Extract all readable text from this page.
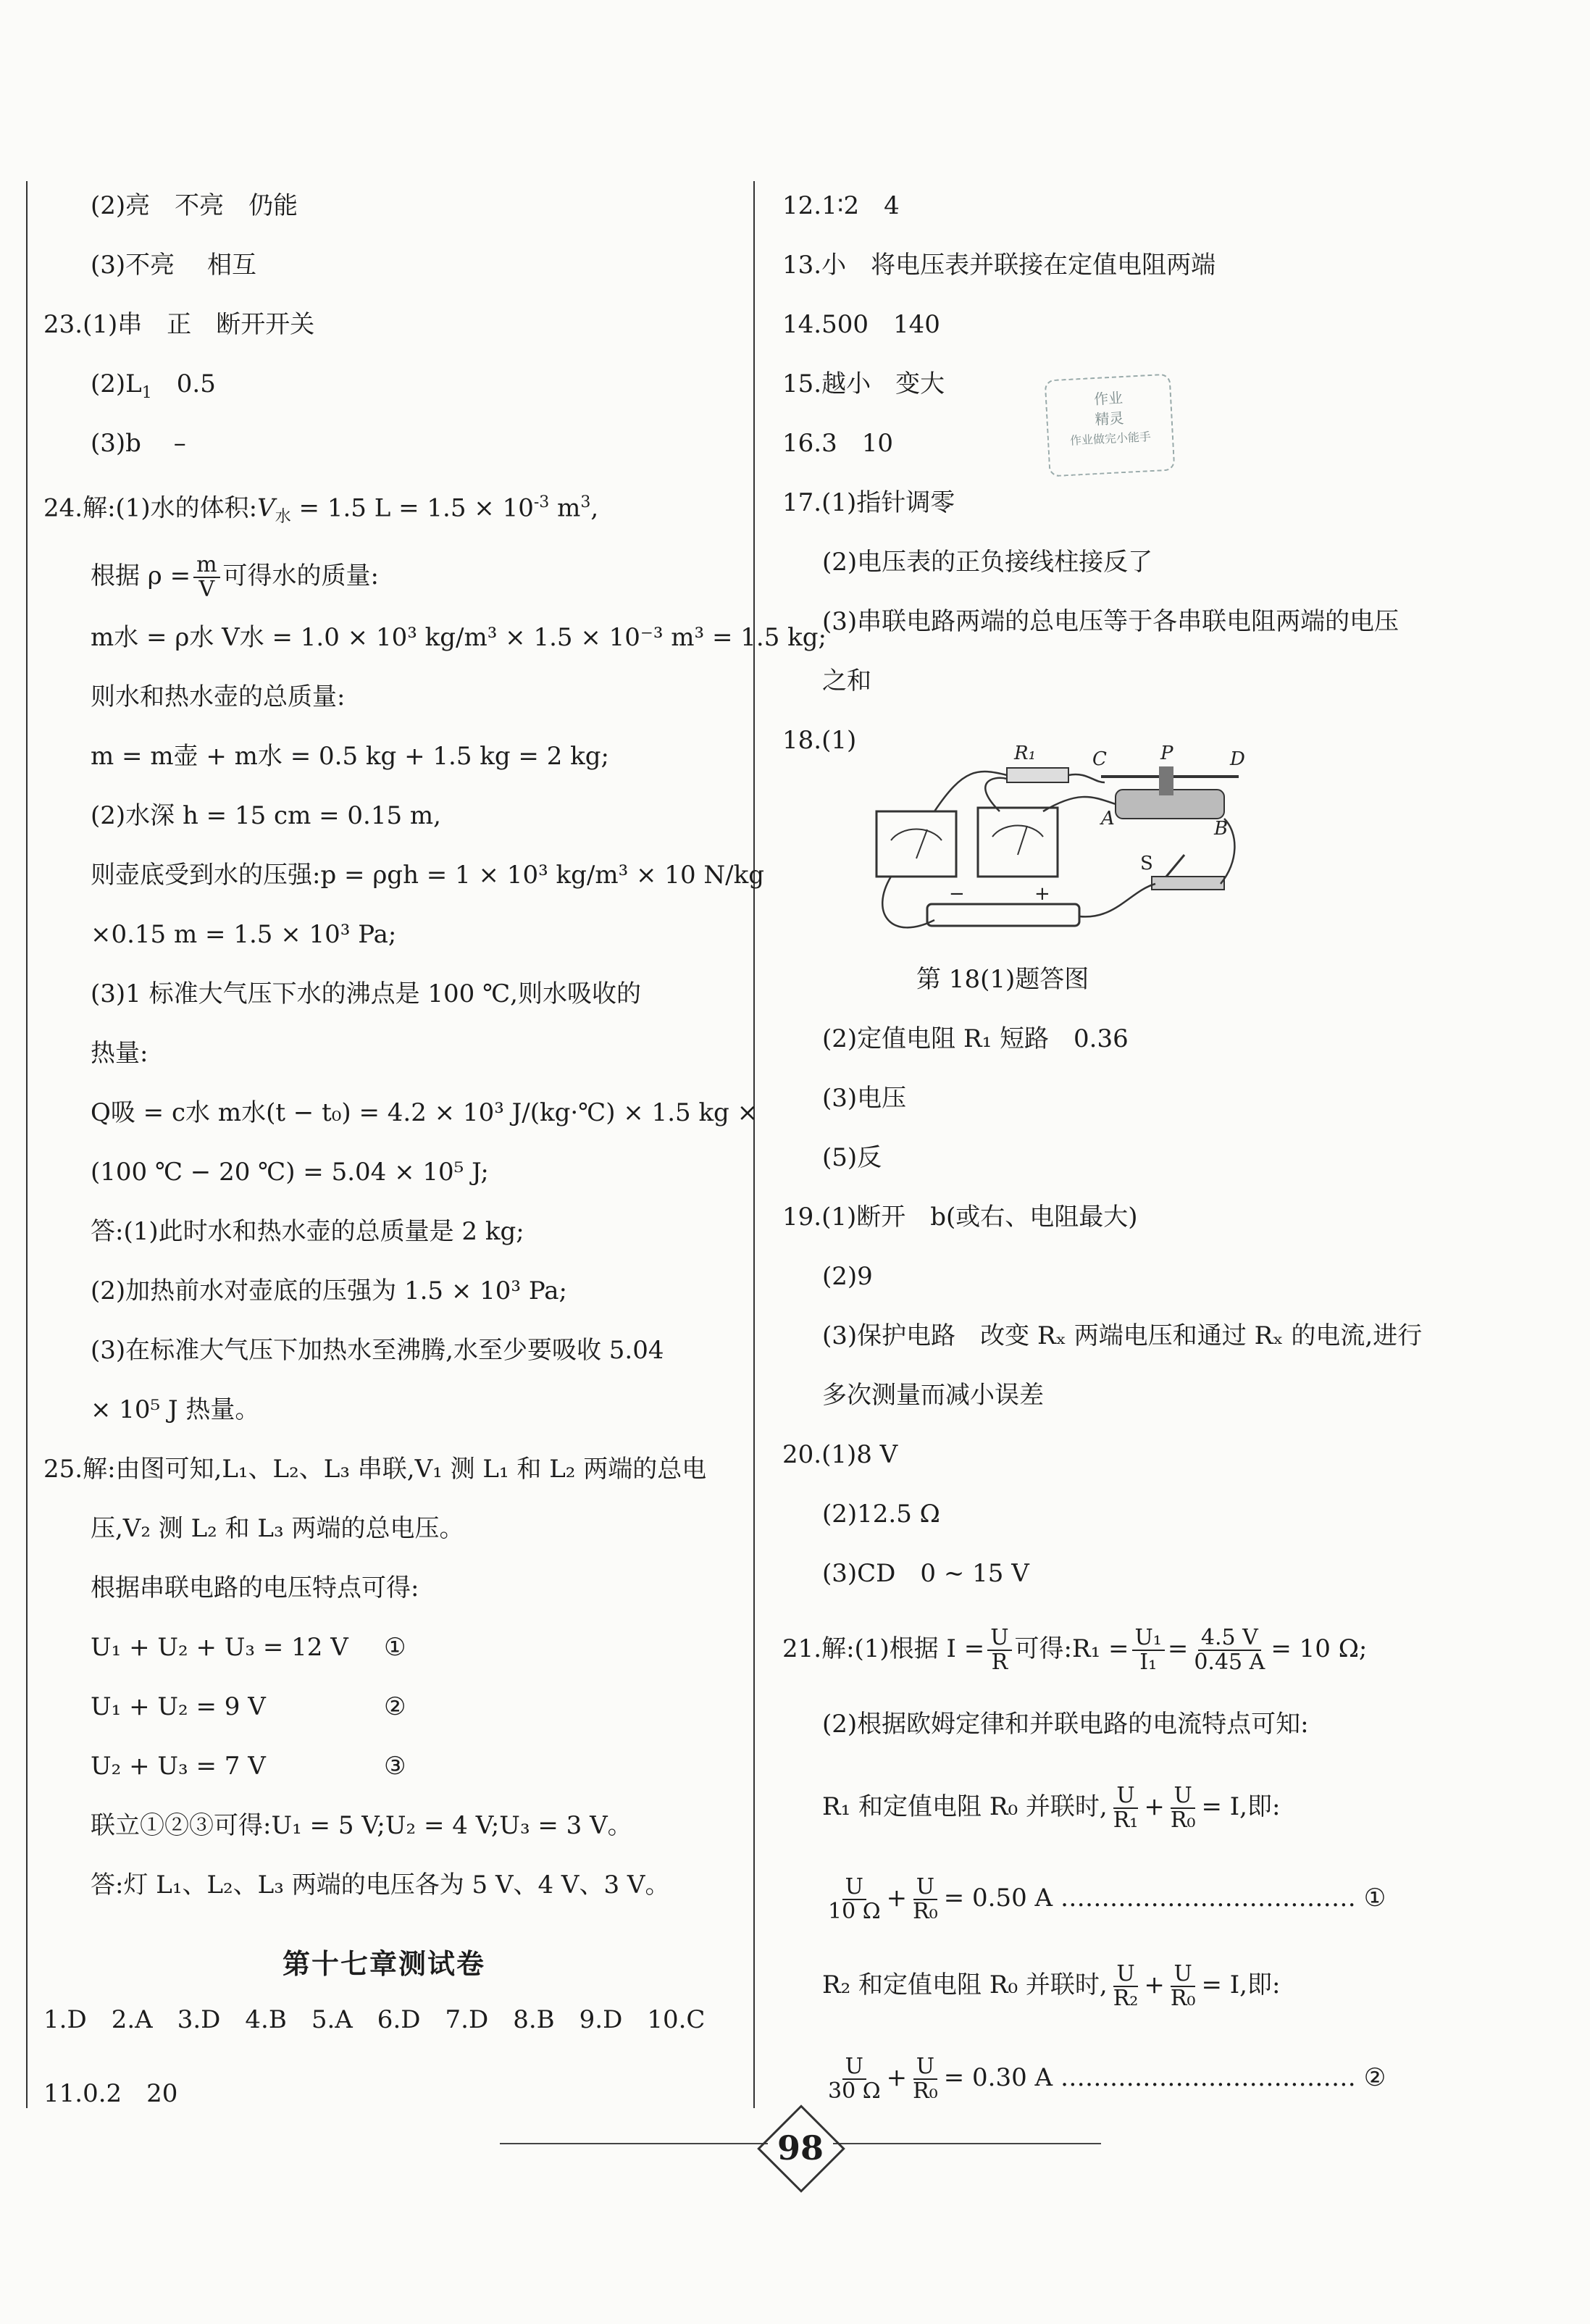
(2)亮　不亮　仍能
(3)不亮　 相互
23.(1)串　正　断开开关
$(2)L_1$　0.5
(3)b　 –
24.解:(1)水的体积$:V_水 = 1.5$ $L = 1.5 \times 10^{-3}$ $m^3$,
根据 $\rho = \frac{m}{V}$ 可得水的质量:
m水 = ρ水 V水 = 1.0 × 10³ kg/m³ × 1.5 × 10⁻³ m³ = 1.5 kg;
则水和热水壶的总质量:
m = m壶 + m水 = 0.5 kg + 1.5 kg = 2 kg;
(2)水深 h = 15 cm = 0.15 m,
则壶底受到水的压强:p = ρgh = 1 × 10³ kg/m³ × 10 N/kg
×0.15 m = 1.5 × 10³ Pa;
(3)1 标准大气压下水的沸点是 100 ℃,则水吸收的
热量:
Q吸 = c水 m水(t − t₀) = 4.2 × 10³ J/(kg·℃) × 1.5 kg ×
(100 ℃ − 20 ℃) = 5.04 × 10⁵ J;
答:(1)此时水和热水壶的总质量是 2 kg;
(2)加热前水对壶底的压强为 1.5 × 10³ Pa;
(3)在标准大气压下加热水至沸腾,水至少要吸收 5.04
× 10⁵ J 热量。
25.解:由图可知,L₁、L₂、L₃ 串联,V₁ 测 L₁ 和 L₂ 两端的总电
压,V₂ 测 L₂ 和 L₃ 两端的总电压。
根据串联电路的电压特点可得:
U₁ + U₂ + U₃ = 12 V ①
U₁ + U₂ = 9 V	②
U₂ + U₃ = 7 V	③
联立①②③可得:U₁ = 5 V;U₂ = 4 V;U₃ = 3 V。
答:灯 L₁、L₂、L₃ 两端的电压各为 5 V、4 V、3 V。
第十七章测试卷
1.D　2.A　3.D　4.B　5.A　6.D　7.D　8.B　9.D　10.C
11.0.2　20
12.1∶2　4
13.小　将电压表并联接在定值电阻两端
14.500　140
15.越小　变大
16.3　10
17.(1)指针调零
(2)电压表的正负接线柱接反了
(3)串联电路两端的总电压等于各串联电阻两端的电压
之和
18.(1)
第 18(1)题答图
(2)定值电阻 R₁ 短路　0.36
(3)电压
(5)反
19.(1)断开　b(或右、电阻最大)
(2)9
(3)保护电路　改变 Rₓ 两端电压和通过 Rₓ 的电流,进行
多次测量而减小误差
20.(1)8 V
(2)12.5 Ω
(3)CD　0 ~ 15 V
21.解:(1)根据 $I = \frac{U}{R}$ 可得:R₁ = $\frac{\text{U₁}}{\text{I₁}} = \frac{4.5 V}{0.45 A} = 10$ Ω;
(2)根据欧姆定律和并联电路的电流特点可知:
R₁ 和定值电阻 R₀ 并联时, $\frac{U}{\text{R₁}} + \frac{U}{\text{R₀}} = I$,即:
$\frac{U}{10 \Omega} + \frac{U}{\text{R₀}} = 0.50$ A ……………………………… ①
R₂ 和定值电阻 R₀ 并联时, $\frac{U}{\text{R₂}} + \frac{U}{\text{R₀}} = I$,即:
$\frac{U}{30 \Omega} + \frac{U}{\text{R₀}} = 0.30$ A ……………………………… ②
作业
精灵
作业做完小能手
−	+
R₁	C	P	D
A	B
S
98
